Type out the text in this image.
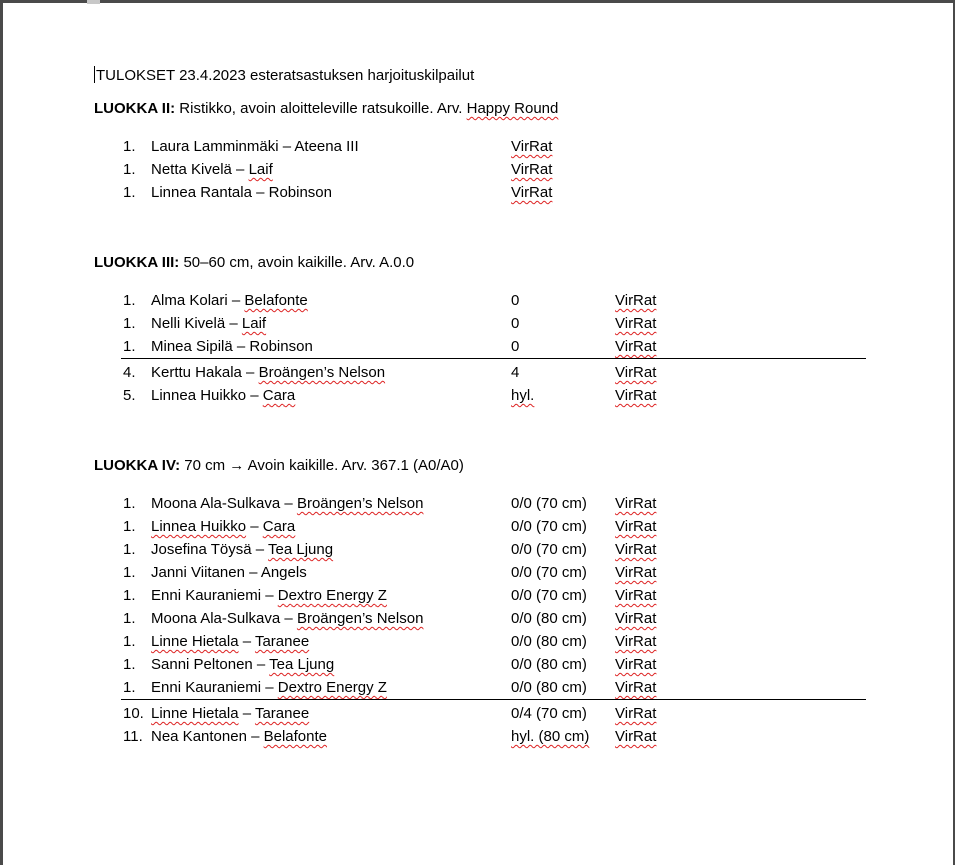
TULOKSET 23.4.2023 esteratsastuksen harjoituskilpailut
LUOKKA II: Ristikko, avoin aloitteleville ratsukoille. Arv. Happy Round
1. Laura Lamminmäki – Ateena III	VirRat
1. Netta Kivelä – Laif	VirRat
1. Linnea Rantala – Robinson	VirRat
LUOKKA III: 50–60 cm, avoin kaikille. Arv. A.0.0
1. Alma Kolari – Belafonte	0	VirRat
1. Nelli Kivelä – Laif	0	VirRat
1. Minea Sipilä – Robinson	0	VirRat
4. Kerttu Hakala – Broängen’s Nelson	4	VirRat
5. Linnea Huikko – Cara	hyl.	VirRat
LUOKKA IV: 70 cm → Avoin kaikille. Arv. 367.1 (A0/A0)
1. Moona Ala-Sulkava – Broängen’s Nelson	0/0 (70 cm) VirRat
1. Linnea Huikko – Cara	0/0 (70 cm) VirRat
1. Josefina Töysä – Tea Ljung	0/0 (70 cm) VirRat
1. Janni Viitanen – Angels	0/0 (70 cm) VirRat
1. Enni Kauraniemi – Dextro Energy Z	0/0 (70 cm) VirRat
1. Moona Ala-Sulkava – Broängen’s Nelson	0/0 (80 cm) VirRat
1. Linne Hietala – Taranee	0/0 (80 cm) VirRat
1. Sanni Peltonen – Tea Ljung	0/0 (80 cm) VirRat
1. Enni Kauraniemi – Dextro Energy Z	0/0 (80 cm) VirRat
10. Linne Hietala – Taranee	0/4 (70 cm) VirRat
11. Nea Kantonen – Belafonte	hyl. (80 cm) VirRat
